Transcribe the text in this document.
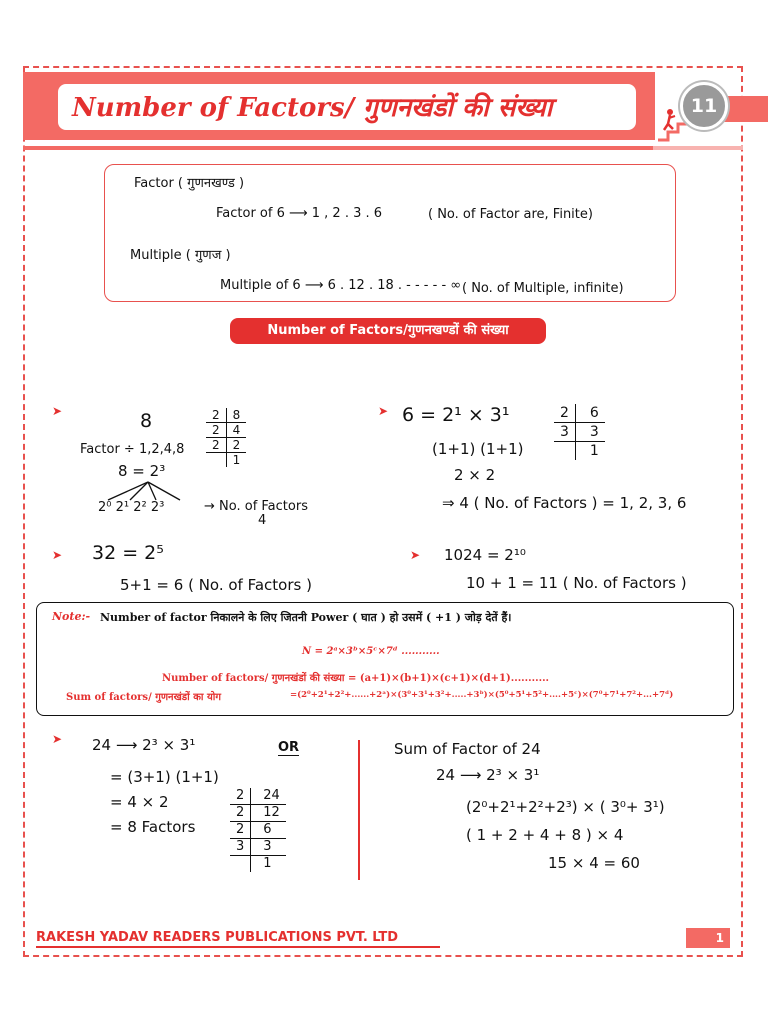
Number of Factors/ गुणनखंडों की संख्या	11
Factor ( गुणनखण्ड )
Factor of 6 ⟶ 1 , 2 . 3 . 6	( No. of Factor are, Finite)
Multiple ( गुणज )
Multiple of 6 ⟶ 6 . 12 . 18 . - - - - - ∞ ( No. of Multiple, infinite)
Number of Factors/गुणनखण्डों की संख्या
➤	8
Factor ÷ 1,2,4,8
8 = 2³
2⁰ 2¹ 2² 2³	→ No. of Factors
4
2	8
2	4
2	2
	1
➤ 6 = 2¹ × 3¹
(1+1) (1+1)
2 × 2
⇒ 4 ( No. of Factors ) = 1, 2, 3, 6
2	6
3	3
	1
➤ 32 = 2⁵
5+1 = 6 ( No. of Factors )
➤ 1024 = 2¹⁰
10 + 1 = 11 ( No. of Factors )
Note:- Number of factor निकालने के लिए जितनी Power ( घात ) हो उसमें ( +1 ) जोड़ देतें हैं।
N = 2ᵃ×3ᵇ×5ᶜ×7ᵈ ...........
Number of factors/ गुणनखंडों की संख्या = (a+1)×(b+1)×(c+1)×(d+1)...........
Sum of factors/ गुणनखंडों का योग	=(2⁰+2¹+2²+......+2ᵃ)×(3⁰+3¹+3²+.....+3ᵇ)×(5⁰+5¹+5²+....+5ᶜ)×(7⁰+7¹+7²+...+7ᵈ)
➤ 24 ⟶ 2³ × 3¹	OR
= (3+1) (1+1)
= 4 × 2
= 8 Factors
2	24
2	12
2	6
3	3
	1
Sum of Factor of 24
24 ⟶ 2³ × 3¹
(2⁰+2¹+2²+2³) × ( 3⁰+ 3¹)
( 1 + 2 + 4 + 8 ) × 4
15 × 4 = 60
RAKESH YADAV READERS PUBLICATIONS PVT. LTD	1
